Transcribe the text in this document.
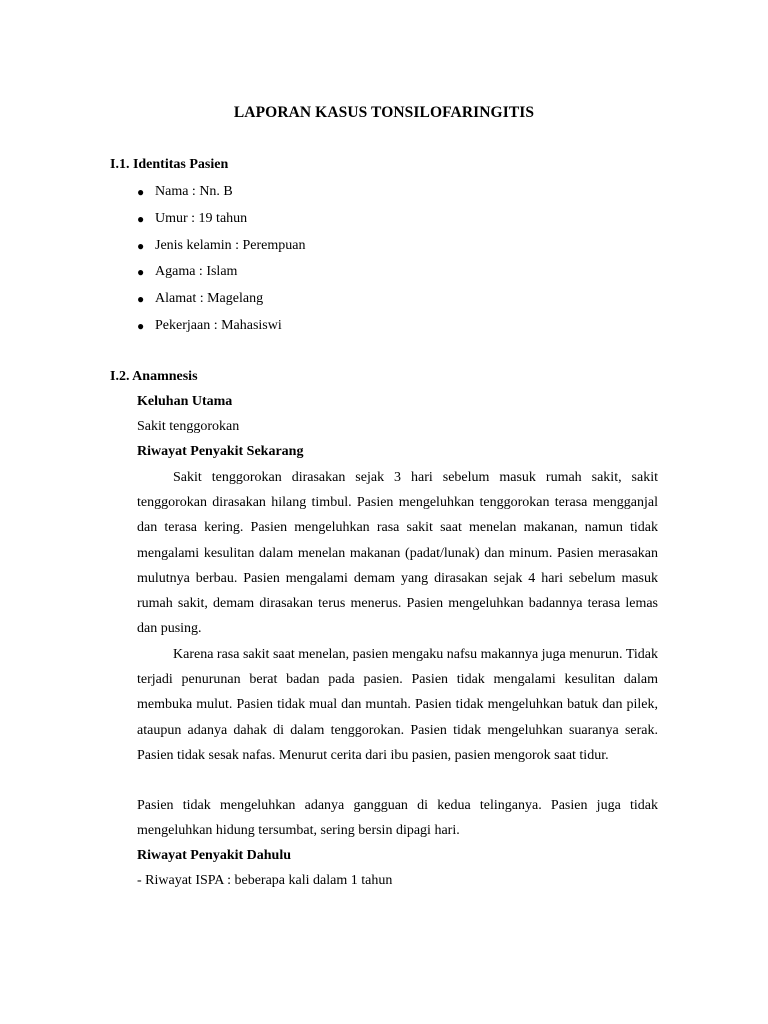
LAPORAN KASUS TONSILOFARINGITIS
I.1. Identitas Pasien
● Nama : Nn. B
● Umur : 19 tahun
● Jenis kelamin : Perempuan
● Agama : Islam
● Alamat : Magelang
● Pekerjaan : Mahasiswi
I.2. Anamnesis
Keluhan Utama
Sakit tenggorokan
Riwayat Penyakit Sekarang

Sakit tenggorokan dirasakan sejak 3 hari sebelum masuk rumah sakit, sakit tenggorokan dirasakan hilang timbul. Pasien mengeluhkan tenggorokan terasa mengganjal dan terasa kering. Pasien mengeluhkan rasa sakit saat menelan makanan, namun tidak mengalami kesulitan dalam menelan makanan (padat/lunak) dan minum. Pasien merasakan mulutnya berbau. Pasien mengalami demam yang dirasakan sejak 4 hari sebelum masuk rumah sakit, demam dirasakan terus menerus. Pasien mengeluhkan badannya terasa lemas dan pusing.

Karena rasa sakit saat menelan, pasien mengaku nafsu makannya juga menurun. Tidak terjadi penurunan berat badan pada pasien. Pasien tidak mengalami kesulitan dalam membuka mulut. Pasien tidak mual dan muntah. Pasien tidak mengeluhkan batuk dan pilek, ataupun adanya dahak di dalam tenggorokan. Pasien tidak mengeluhkan suaranya serak. Pasien tidak sesak nafas. Menurut cerita dari ibu pasien, pasien mengorok saat tidur.

Pasien tidak mengeluhkan adanya gangguan di kedua telinganya. Pasien juga tidak mengeluhkan hidung tersumbat, sering bersin dipagi hari.

Riwayat Penyakit Dahulu
- Riwayat ISPA : beberapa kali dalam 1 tahun
